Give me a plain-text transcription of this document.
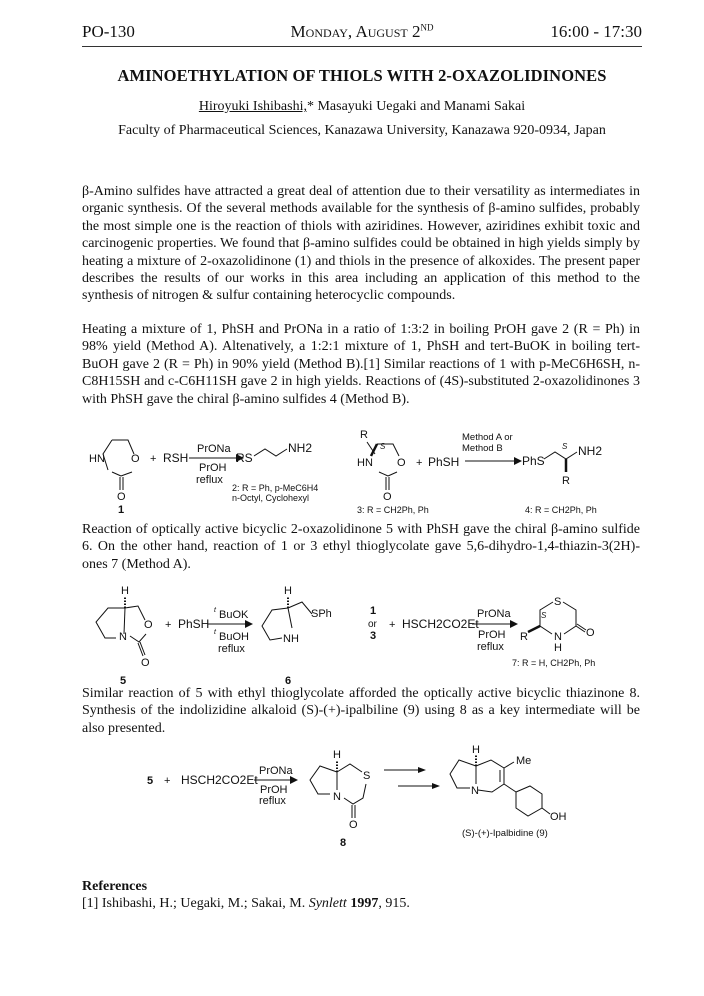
PO-130	Monday, August 2ND	16:00 - 17:30
AMINOETHYLATION OF THIOLS WITH 2-OXAZOLIDINONES
Hiroyuki Ishibashi,* Masayuki Uegaki and Manami Sakai
Faculty of Pharmaceutical Sciences, Kanazawa University, Kanazawa 920-0934, Japan
β-Amino sulfides have attracted a great deal of attention due to their versatility as intermediates in organic synthesis. Of the several methods available for the synthesis of β-amino sulfides, probably the most simple one is the reaction of thiols with aziridines. However, aziridines exhibit toxic and carcinogenic properties. We found that β-amino sulfides could be obtained in high yields simply by heating a mixture of 2-oxazolidinone (1) and thiols in the presence of alkoxides. The present paper describes the results of our works in this area including an application of this method to the synthesis of nitrogen & sulfur containing heterocyclic compounds.
Heating a mixture of 1, PhSH and PrONa in a ratio of 1:3:2 in boiling PrOH gave 2 (R = Ph) in 98% yield (Method A). Altenatively, a 1:2:1 mixture of 1, PhSH and tert-BuOK in boiling tert-BuOH gave 2 (R = Ph) in 90% yield (Method B).[1] Similar reactions of 1 with p-MeC6H6SH, n-C8H15SH and c-C6H11SH gave 2 in high yields. Reactions of (4S)-substituted 2-oxazolidinones 3 with PhSH gave the chiral β-amino sulfides 4 (Method B).
HN O
O
1
+ RSH
PrONa
PrOH
reflux
RS
NH2
2: R = Ph, p-MeC6H4
n-Octyl, Cyclohexyl
R
S
HN O
O
3: R = CH2Ph, Ph
+ PhSH
Method A or
Method B
PhS
S NH2
R
4: R = CH2Ph, Ph
Reaction of optically active bicyclic 2-oxazolidinone 5 with PhSH gave the chiral β-amino sulfide 6. On the other hand, reaction of 1 or 3 ethyl thioglycolate gave 5,6-dihydro-1,4-thiazin-3(2H)-ones 7 (Method A).
H
N
O
O
5
+ PhSH
t BuOK
t BuOH
reflux
H
NH
SPh
6
1
or
3
+ HSCH2CO2Et
PrONa
PrOH
reflux
S
S
R N
H
O
7: R = H, CH2Ph, Ph
Similar reaction of 5 with ethyl thioglycolate afforded the optically active bicyclic thiazinone 8. Synthesis of the indolizidine alkaloid (S)-(+)-ipalbiline (9) using 8 as a key intermediate will be also presented.
5 + HSCH2CO2Et
PrONa
PrOH
reflux
H
N
S
O
8
H
N
Me
OH
(S)-(+)-Ipalbidine (9)
References
[1] Ishibashi, H.; Uegaki, M.; Sakai, M. Synlett 1997, 915.
